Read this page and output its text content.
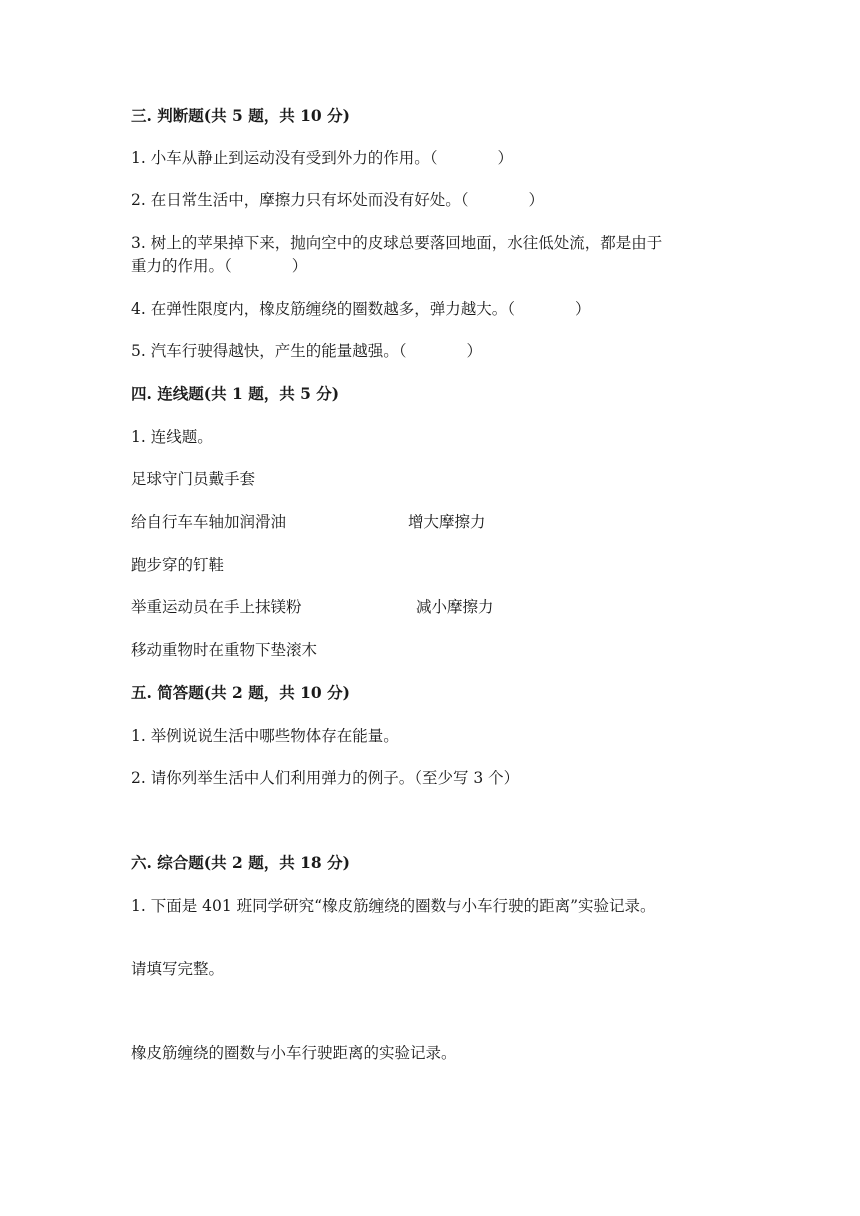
三. 判断题(共 5 题，共 10 分)
1. 小车从静止到运动没有受到外力的作用。（	）
2. 在日常生活中，摩擦力只有坏处而没有好处。（	）
3. 树上的苹果掉下来，抛向空中的皮球总要落回地面，水往低处流，都是由于
重力的作用。（	）
4. 在弹性限度内，橡皮筋缠绕的圈数越多，弹力越大。（	）
5. 汽车行驶得越快，产生的能量越强。（	）
四. 连线题(共 1 题，共 5 分)
1. 连线题。
足球守门员戴手套
给自行车车轴加润滑油	增大摩擦力
跑步穿的钉鞋
举重运动员在手上抹镁粉	减小摩擦力
移动重物时在重物下垫滚木
五. 简答题(共 2 题，共 10 分)
1. 举例说说生活中哪些物体存在能量。
2. 请你列举生活中人们利用弹力的例子。（至少写 3 个）
六. 综合题(共 2 题，共 18 分)
1. 下面是 401 班同学研究“橡皮筋缠绕的圈数与小车行驶的距离”实验记录。
请填写完整。
橡皮筋缠绕的圈数与小车行驶距离的实验记录。
